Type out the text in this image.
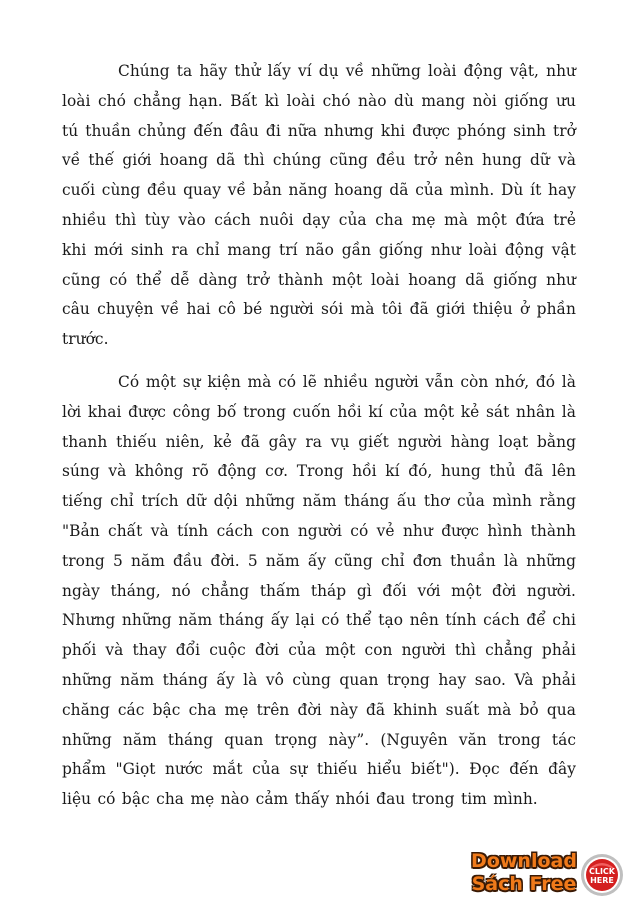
Chúng ta hãy thử lấy ví dụ về những loài động vật, như loài chó chẳng hạn. Bất kì loài chó nào dù mang nòi giống ưu tú thuần chủng đến đâu đi nữa nhưng khi được phóng sinh trở về thế giới hoang dã thì chúng cũng đều trở nên hung dữ và cuối cùng đều quay về bản năng hoang dã của mình. Dù ít hay nhiều thì tùy vào cách nuôi dạy của cha mẹ mà một đứa trẻ khi mới sinh ra chỉ mang trí não gần giống như loài động vật cũng có thể dễ dàng trở thành một loài hoang dã giống như câu chuyện về hai cô bé người sói mà tôi đã giới thiệu ở phần trước.

Có một sự kiện mà có lẽ nhiều người vẫn còn nhớ, đó là lời khai được công bố trong cuốn hồi kí của một kẻ sát nhân là thanh thiếu niên, kẻ đã gây ra vụ giết người hàng loạt bằng súng và không rõ động cơ. Trong hồi kí đó, hung thủ đã lên tiếng chỉ trích dữ dội những năm tháng ấu thơ của mình rằng "Bản chất và tính cách con người có vẻ như được hình thành trong 5 năm đầu đời. 5 năm ấy cũng chỉ đơn thuần là những ngày tháng, nó chẳng thấm tháp gì đối với một đời người. Nhưng những năm tháng ấy lại có thể tạo nên tính cách để chi phối và thay đổi cuộc đời của một con người thì chẳng phải những năm tháng ấy là vô cùng quan trọng hay sao. Và phải chăng các bậc cha mẹ trên đời này đã khinh suất mà bỏ qua những năm tháng quan trọng này”. (Nguyên văn trong tác phẩm "Giọt nước mắt của sự thiếu hiểu biết"). Đọc đến đây liệu có bậc cha mẹ nào cảm thấy nhói đau trong tim mình.

Download
Sách Free
CLICK
HERE
